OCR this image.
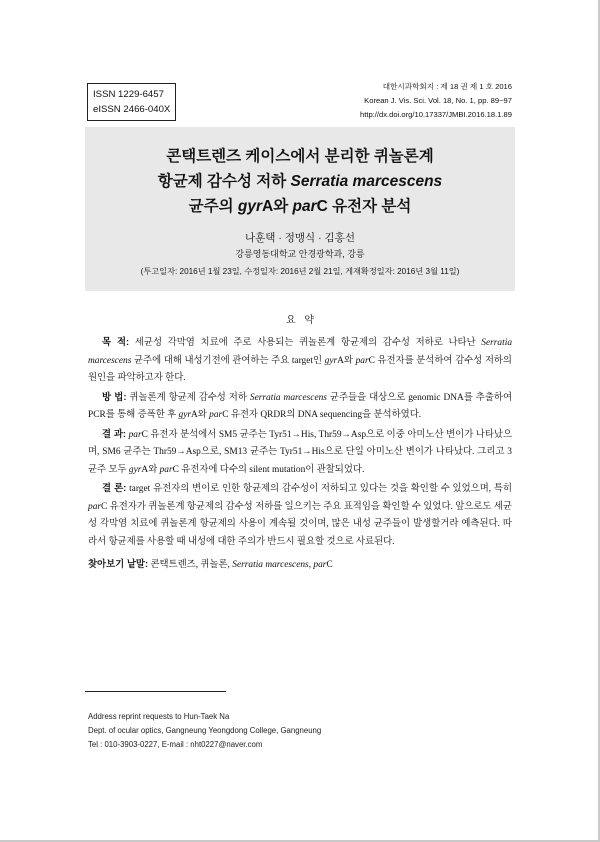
ISSN 1229-6457
eISSN 2466-040X
대한시과학회지 : 제 18 권 제 1 호 2016
Korean J. Vis. Sci. Vol. 18, No. 1, pp. 89~97
http://dx.doi.org/10.17337/JMBI.2016.18.1.89
콘택트렌즈 케이스에서 분리한 퀴놀론계
항균제 감수성 저하 Serratia marcescens
균주의 gyrA와 parC 유전자 분석
나훈택 · 정맹식 · 김홍선
강릉영동대학교 안경광학과, 강릉
(투고일자: 2016년 1월 23일, 수정일자: 2016년 2월 21일, 게재확정일자: 2016년 3월 11일)
요 약

목 적: 세균성 각막염 치료에 주로 사용되는 퀴놀론계 항균제의 감수성 저하로 나타난 Serratia marcescens 균주에 대해 내성기전에 관여하는 주요 target인 gyrA와 parC 유전자를 분석하여 감수성 저하의 원인을 파악하고자 한다.

방 법: 퀴놀론계 항균제 감수성 저하 Serratia marcescens 균주들을 대상으로 genomic DNA를 추출하여 PCR를 통해 증폭한 후 gyrA와 parC 유전자 QRDR의 DNA sequencing을 분석하였다.

결 과: parC 유전자 분석에서 SM5 균주는 Tyr51→His, Thr59→Asp으로 이중 아미노산 변이가 나타났으며, SM6 균주는 Thr59→Asp으로, SM13 균주는 Tyr51→His으로 단일 아미노산 변이가 나타났다. 그리고 3 균주 모두 gyrA와 parC 유전자에 다수의 silent mutation이 관찰되었다.

결 론: target 유전자의 변이로 인한 항균제의 감수성이 저하되고 있다는 것을 확인할 수 있었으며, 특히 parC 유전자가 퀴놀론계 항균제의 감수성 저하를 일으키는 주요 표적임을 확인할 수 있었다. 앞으로도 세균성 각막염 치료에 퀴놀론계 항균제의 사용이 계속될 것이며, 많은 내성 균주들이 발생할거라 예측된다. 따라서 항균제를 사용할 때 내성에 대한 주의가 반드시 필요할 것으로 사료된다.

찾아보기 낱말: 콘택트렌즈, 퀴놀론, Serratia marcescens, parC

Address reprint requests to Hun-Taek Na
Dept. of ocular optics, Gangneung Yeongdong College, Gangneung
Tel : 010-3903-0227, E-mail : nht0227@naver.com
